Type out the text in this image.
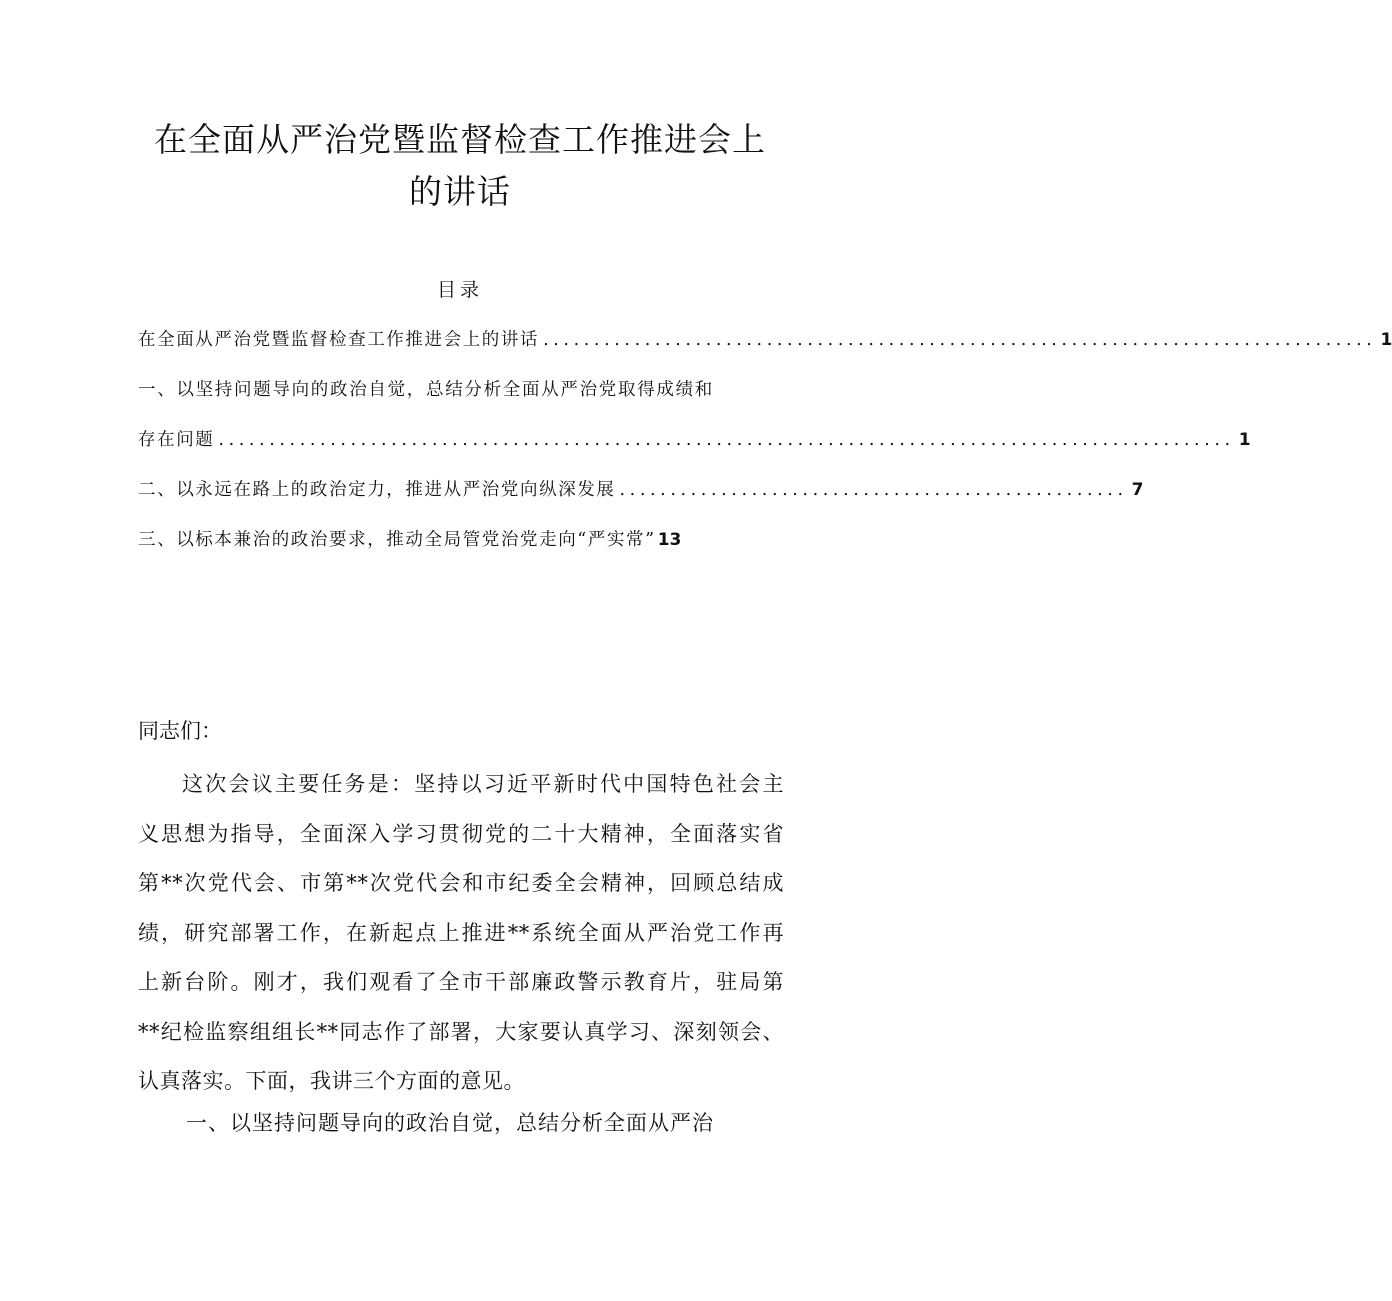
在全面从严治党暨监督检查工作推进会上
的讲话
目录
在全面从严治党暨监督检查工作推进会上的讲话 .................................................................................. 1
一、以坚持问题导向的政治自觉，总结分析全面从严治党取得成绩和
存在问题 .................................................................................................... 1
二、以永远在路上的政治定力，推进从严治党向纵深发展 .................................................. 7
三、以标本兼治的政治要求，推动全局管党治党走向“严实常” 13
同志们：

这次会议主要任务是：坚持以习近平新时代中国特色社会主
义思想为指导，全面深入学习贯彻党的二十大精神，全面落实省
第**次党代会、市第**次党代会和市纪委全会精神，回顾总结成
绩，研究部署工作，在新起点上推进**系统全面从严治党工作再
上新台阶。刚才，我们观看了全市干部廉政警示教育片，驻局第
**纪检监察组组长**同志作了部署，大家要认真学习、深刻领会、
认真落实。下面，我讲三个方面的意见。

一、以坚持问题导向的政治自觉，总结分析全面从严治
